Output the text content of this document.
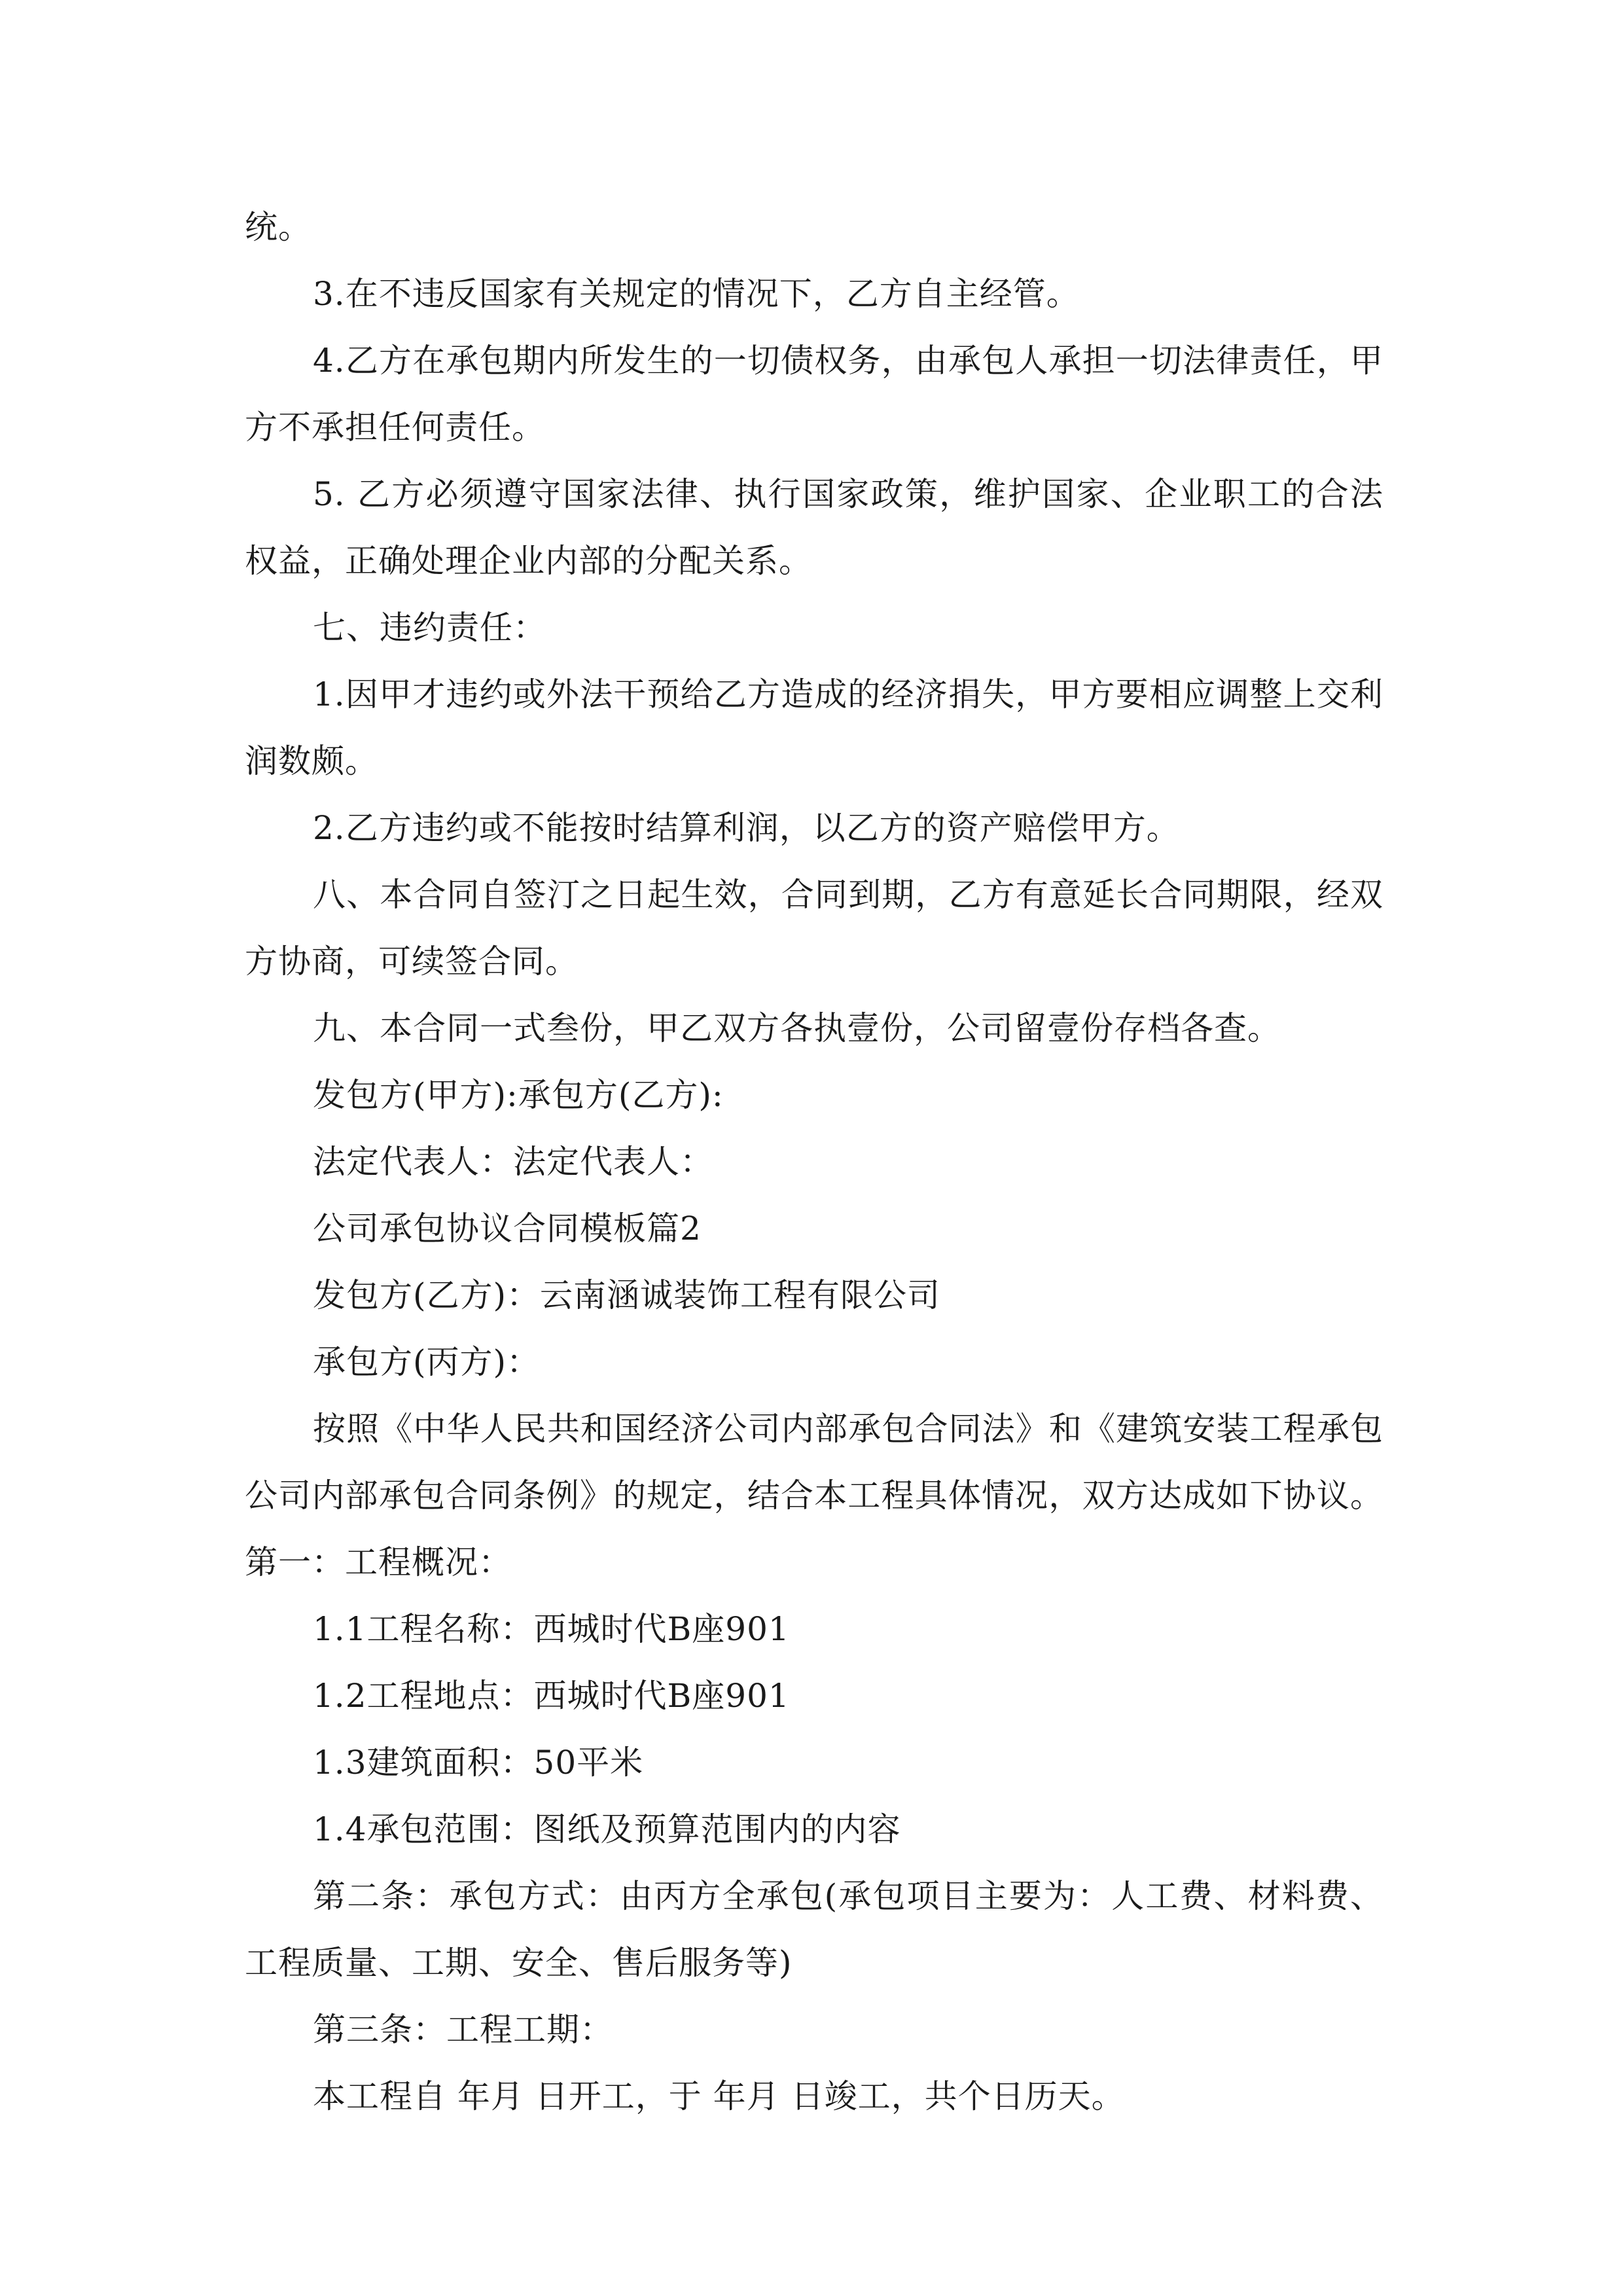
统。

3.在不违反国家有关规定的情况下，乙方自主经管。

4.乙方在承包期内所发生的一切债权务，由承包人承担一切法律责任，甲方不承担任何责任。

5. 乙方必须遵守国家法律、执行国家政策，维护国家、企业职工的合法权益，正确处理企业内部的分配关系。

七、违约责任：

1.因甲才违约或外法干预给乙方造成的经济捐失，甲方要相应调整上交利润数颇。

2.乙方违约或不能按时结算利润，以乙方的资产赔偿甲方。

八、本合同自签汀之日起生效，合同到期，乙方有意延长合同期限，经双方协商，可续签合同。

九、本合同一式叁份，甲乙双方各执壹份，公司留壹份存档各查。

发包方(甲方):承包方(乙方):

法定代表人：法定代表人：

公司承包协议合同模板篇2

发包方(乙方)：云南涵诚装饰工程有限公司

承包方(丙方)：

按照《中华人民共和国经济公司内部承包合同法》和《建筑安装工程承包公司内部承包合同条例》的规定，结合本工程具体情况，双方达成如下协议。 第一：工程概况：

1.1工程名称：西城时代B座901

1.2工程地点：西城时代B座901

1.3建筑面积：50平米

1.4承包范围：图纸及预算范围内的内容

第二条：承包方式：由丙方全承包(承包项目主要为：人工费、材料费、工程质量、工期、安全、售后服务等)

第三条：工程工期：

本工程自 年月 日开工，于 年月 日竣工，共个日历天。
